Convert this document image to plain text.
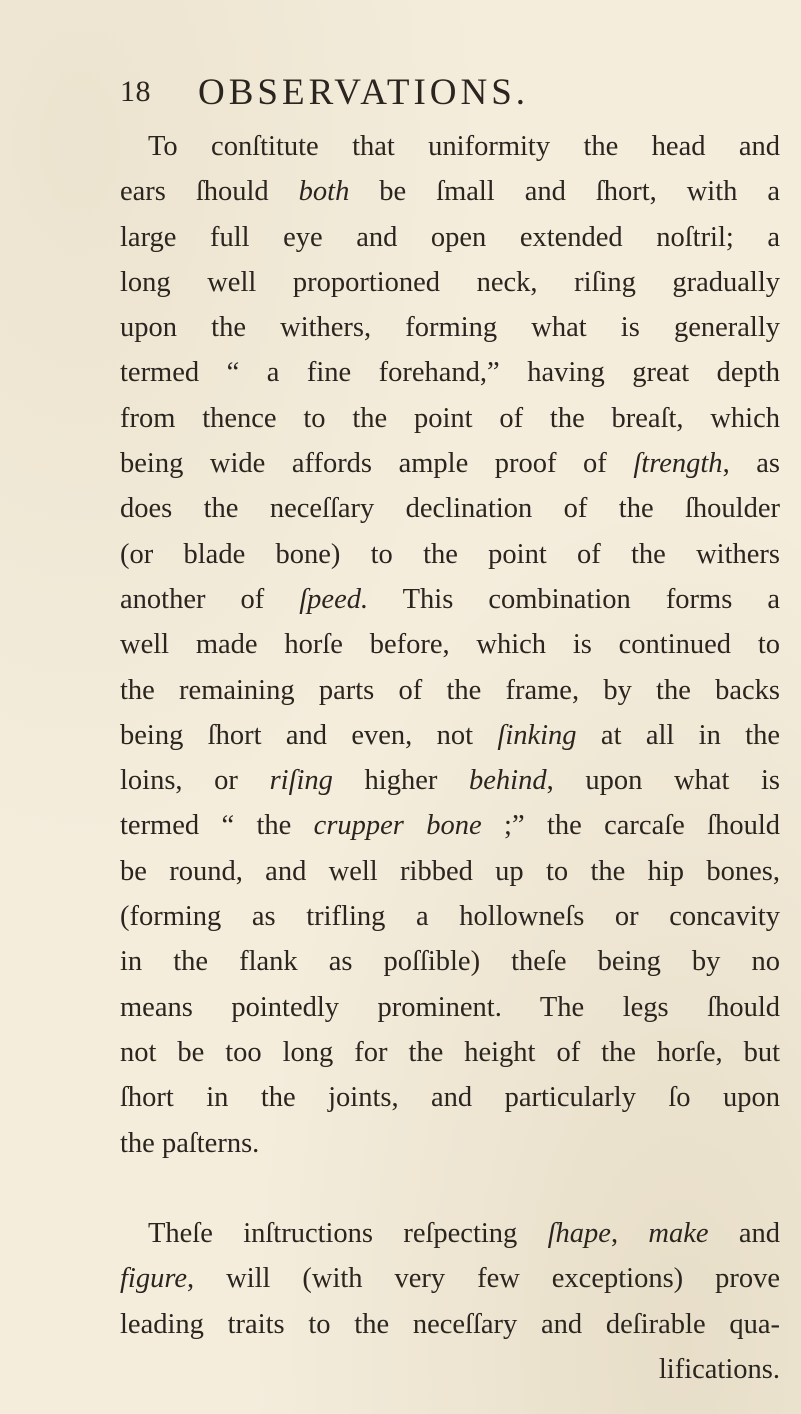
18	OBSERVATIONS.
To conſtitute that uniformity the head and
ears ſhould both be ſmall and ſhort, with a
large full eye and open extended noſtril; a
long well proportioned neck, riſing gradually
upon the withers, forming what is generally
termed “ a fine forehand,” having great depth
from thence to the point of the breaſt, which
being wide affords ample proof of ſtrength, as
does the neceſſary declination of the ſhoulder
(or blade bone) to the point of the withers
another of ſpeed. This combination forms a
well made horſe before, which is continued to
the remaining parts of the frame, by the backs
being ſhort and even, not ſinking at all in the
loins, or riſing higher behind, upon what is
termed “ the crupper bone ;” the carcaſe ſhould
be round, and well ribbed up to the hip bones,
(forming as trifling a hollowneſs or concavity
in the flank as poſſible) theſe being by no
means pointedly prominent. The legs ſhould
not be too long for the height of the horſe, but
ſhort in the joints, and particularly ſo upon
the paſterns.
Theſe inſtructions reſpecting ſhape, make and
figure, will (with very few exceptions) prove
leading traits to the neceſſary and deſirable qua-
lifications.
